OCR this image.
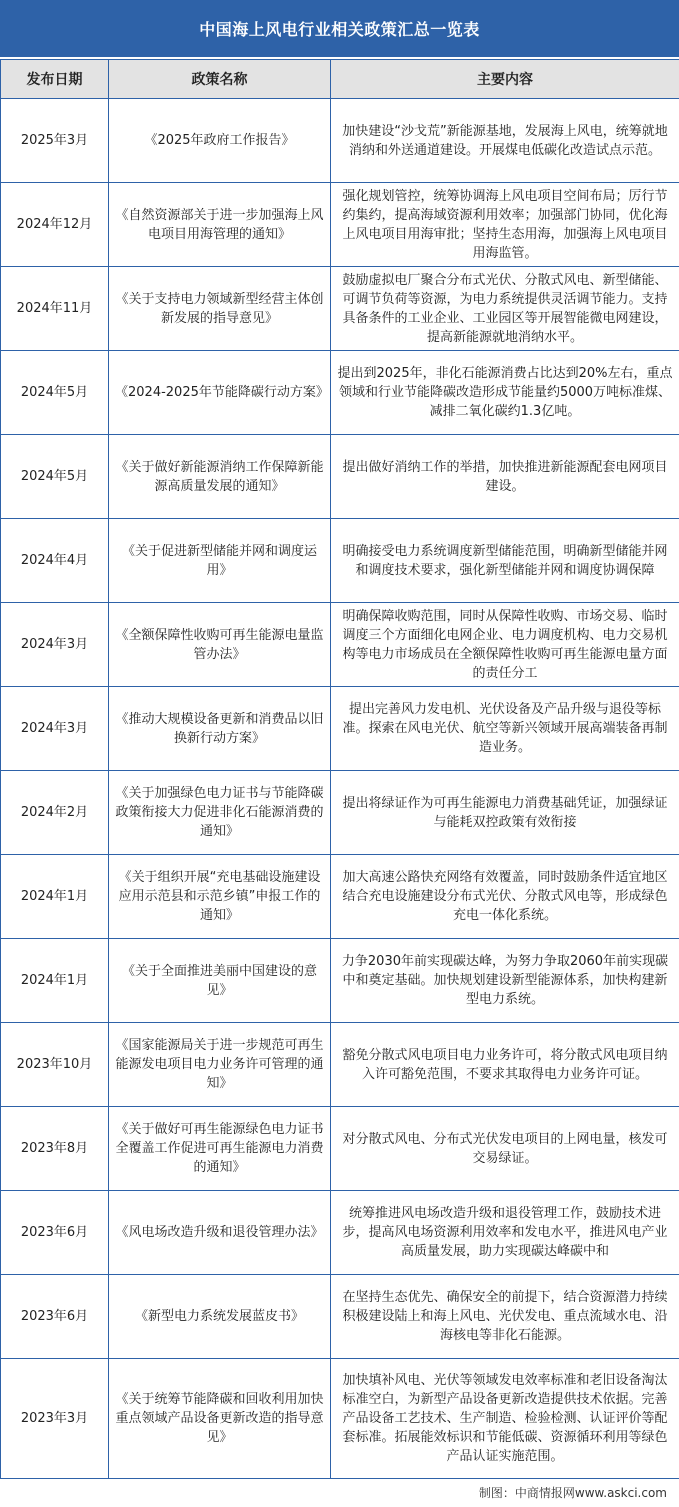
中国海上风电行业相关政策汇总一览表
发布日期	政策名称	主要内容
2025年3月	《2025年政府工作报告》	加快建设“沙戈荒”新能源基地，发展海上风电，统筹就地消纳和外送通道建设。开展煤电低碳化改造试点示范。
2024年12月	《自然资源部关于进一步加强海上风电项目用海管理的通知》	强化规划管控，统筹协调海上风电项目空间布局；厉行节约集约，提高海域资源利用效率；加强部门协同，优化海上风电项目用海审批；坚持生态用海，加强海上风电项目用海监管。
2024年11月	《关于支持电力领域新型经营主体创新发展的指导意见》	鼓励虚拟电厂聚合分布式光伏、分散式风电、新型储能、可调节负荷等资源，为电力系统提供灵活调节能力。支持具备条件的工业企业、工业园区等开展智能微电网建设，提高新能源就地消纳水平。
2024年5月	《2024-2025年节能降碳行动方案》	提出到2025年，非化石能源消费占比达到20%左右，重点领域和行业节能降碳改造形成节能量约5000万吨标准煤、减排二氧化碳约1.3亿吨。
2024年5月	《关于做好新能源消纳工作保障新能源高质量发展的通知》	提出做好消纳工作的举措，加快推进新能源配套电网项目建设。
2024年4月	《关于促进新型储能并网和调度运用》	明确接受电力系统调度新型储能范围，明确新型储能并网和调度技术要求，强化新型储能并网和调度协调保障
2024年3月	《全额保障性收购可再生能源电量监管办法》	明确保障收购范围，同时从保障性收购、市场交易、临时调度三个方面细化电网企业、电力调度机构、电力交易机构等电力市场成员在全额保障性收购可再生能源电量方面的责任分工
2024年3月	《推动大规模设备更新和消费品以旧换新行动方案》	提出完善风力发电机、光伏设备及产品升级与退役等标准。探索在风电光伏、航空等新兴领域开展高端装备再制造业务。
2024年2月	《关于加强绿色电力证书与节能降碳政策衔接大力促进非化石能源消费的通知》	提出将绿证作为可再生能源电力消费基础凭证，加强绿证与能耗双控政策有效衔接
2024年1月	《关于组织开展“充电基础设施建设应用示范县和示范乡镇”申报工作的通知》	加大高速公路快充网络有效覆盖，同时鼓励条件适宜地区结合充电设施建设分布式光伏、分散式风电等，形成绿色充电一体化系统。
2024年1月	《关于全面推进美丽中国建设的意见》	力争2030年前实现碳达峰，为努力争取2060年前实现碳中和奠定基础。加快规划建设新型能源体系，加快构建新型电力系统。
2023年10月	《国家能源局关于进一步规范可再生能源发电项目电力业务许可管理的通知》	豁免分散式风电项目电力业务许可，将分散式风电项目纳入许可豁免范围，不要求其取得电力业务许可证。
2023年8月	《关于做好可再生能源绿色电力证书全覆盖工作促进可再生能源电力消费的通知》	对分散式风电、分布式光伏发电项目的上网电量，核发可交易绿证。
2023年6月	《风电场改造升级和退役管理办法》	统筹推进风电场改造升级和退役管理工作，鼓励技术进步，提高风电场资源利用效率和发电水平，推进风电产业高质量发展，助力实现碳达峰碳中和
2023年6月	《新型电力系统发展蓝皮书》	在坚持生态优先、确保安全的前提下，结合资源潜力持续积极建设陆上和海上风电、光伏发电、重点流域水电、沿海核电等非化石能源。
2023年3月	《关于统筹节能降碳和回收利用加快重点领域产品设备更新改造的指导意见》	加快填补风电、光伏等领域发电效率标准和老旧设备淘汰标准空白，为新型产品设备更新改造提供技术依据。完善产品设备工艺技术、生产制造、检验检测、认证评价等配套标准。拓展能效标识和节能低碳、资源循环利用等绿色产品认证实施范围。
制图：中商情报网www.askci.com
